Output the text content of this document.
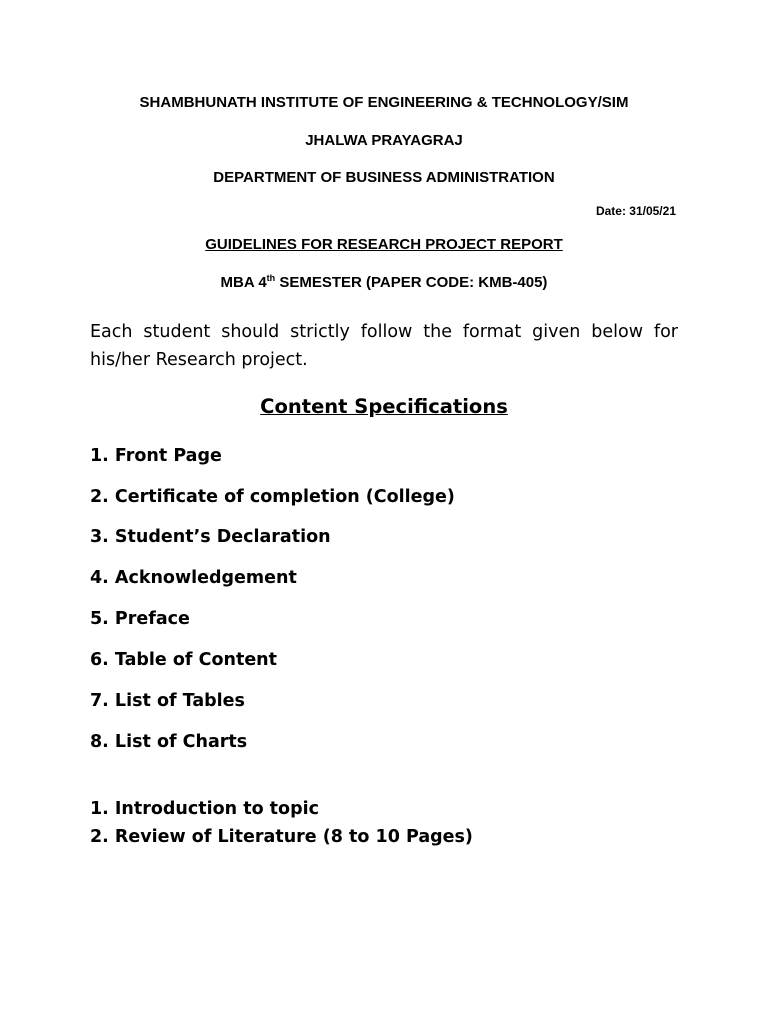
SHAMBHUNATH INSTITUTE OF ENGINEERING & TECHNOLOGY/SIM
JHALWA PRAYAGRAJ
DEPARTMENT OF BUSINESS ADMINISTRATION
Date: 31/05/21
GUIDELINES FOR RESEARCH PROJECT REPORT
MBA 4th SEMESTER (PAPER CODE: KMB-405)

Each student should strictly follow the format given below for his/her Research project.

Content Specifications
1. Front Page
2. Certificate of completion (College)
3. Student’s Declaration
4. Acknowledgement
5. Preface
6. Table of Content
7. List of Tables
8. List of Charts
1. Introduction to topic
2. Review of Literature (8 to 10 Pages)
